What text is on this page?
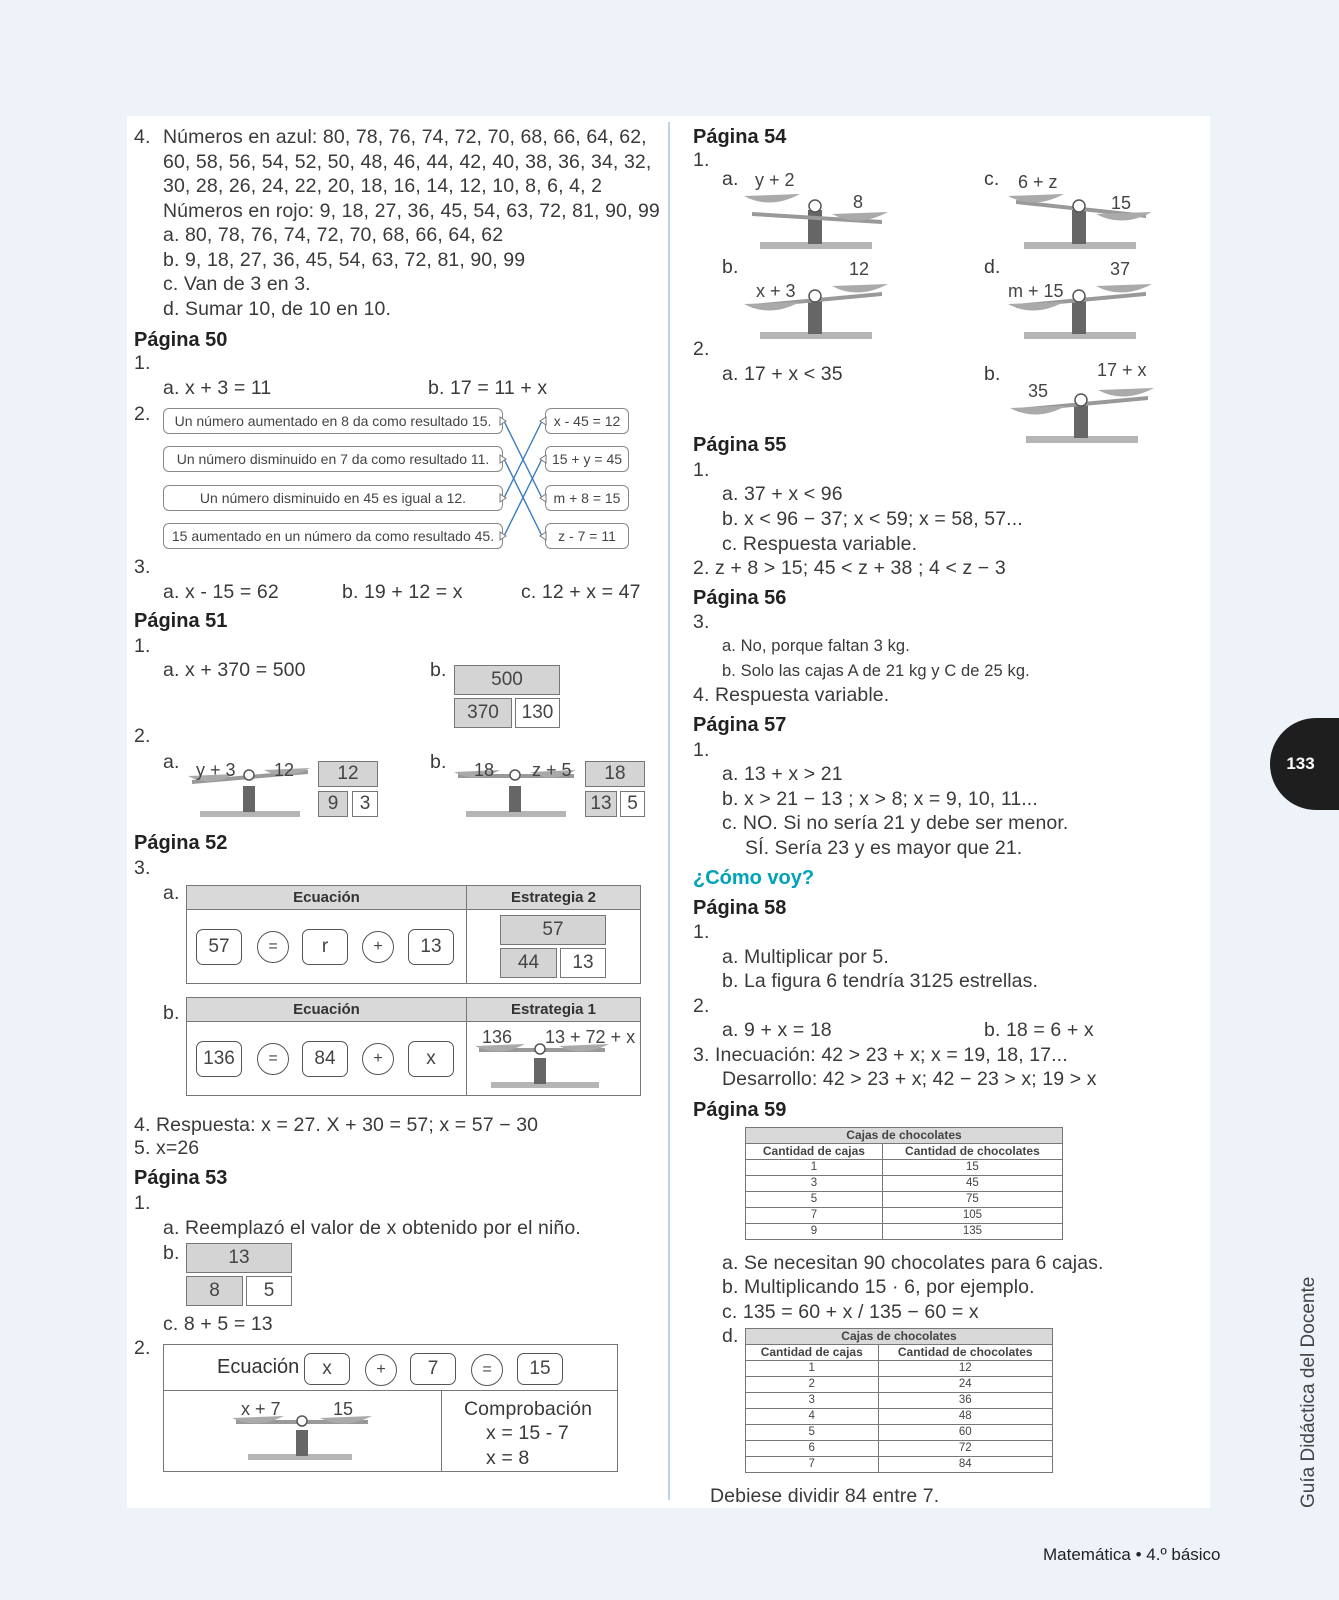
4. Números en azul: 80, 78, 76, 74, 72, 70, 68, 66, 64, 62,
60, 58, 56, 54, 52, 50, 48, 46, 44, 42, 40, 38, 36, 34, 32,
30, 28, 26, 24, 22, 20, 18, 16, 14, 12, 10, 8, 6, 4, 2
Números en rojo: 9, 18, 27, 36, 45, 54, 63, 72, 81, 90, 99
a. 80, 78, 76, 74, 72, 70, 68, 66, 64, 62
b. 9, 18, 27, 36, 45, 54, 63, 72, 81, 90, 99
c. Van de 3 en 3.
d. Sumar 10, de 10 en 10.
Página 50
1.
a. x + 3 = 11	b. 17 = 11 + x
2.	Un número aumentado en 8 da como resultado 15.
Un número disminuido en 7 da como resultado 11.
Un número disminuido en 45 es igual a 12.
15 aumentado en un número da como resultado 45.
x - 45 = 12
15 + y = 45
m + 8 = 15
z - 7 = 11
3.
a. x - 15 = 62	b. 19 + 12 = x	c. 12 + x = 47
Página 51
1.
a. x + 370 = 500	b.	500
370	130
2.
a. y + 3 12	12
9	3
b. 18 z + 5	18
13 5
Página 52
3.
a.	Ecuación	Estrategia 2
57	=	r	+	13
57
44	13
b.	Ecuación	Estrategia 1
136	=	84	+	x
136 13 + 72 + x
4. Respuesta: x = 27. X + 30 = 57; x = 57 − 30
5. x=26
Página 53
1.
a. Reemplazó el valor de x obtenido por el niño.
b.	13
8	5
c. 8 + 5 = 13
2.
Ecuación	x	+	7	=	15
x + 7	15	Comprobación
x = 15 - 7
x = 8
Página 54
1.
a. y + 2
8
c. 6 + z
15
b.
x + 3
12	d.
m + 15
37
2.
a. 17 + x < 35	b.
35
17 + x
Página 55
1.
a. 37 + x < 96
b. x < 96 − 37; x < 59; x = 58, 57...
c. Respuesta variable.
2. z + 8 > 15; 45 < z + 38 ; 4 < z − 3
Página 56
3.
a. No, porque faltan 3 kg.
b. Solo las cajas A de 21 kg y C de 25 kg.
4. Respuesta variable.
Página 57
1.
a. 13 + x > 21
b. x > 21 − 13 ; x > 8; x = 9, 10, 11...
c. NO. Si no sería 21 y debe ser menor.
SÍ. Sería 23 y es mayor que 21.
¿Cómo voy?
Página 58
1.
a. Multiplicar por 5.
b. La figura 6 tendría 3125 estrellas.
2.
a. 9 + x = 18	b. 18 = 6 + x
3. Inecuación: 42 > 23 + x; x = 19, 18, 17...
Desarrollo: 42 > 23 + x; 42 − 23 > x; 19 > x
Página 59
Cajas de chocolates	
Cantidad de cajas	Cantidad de chocolates
1	15
3	45
5	75
7	105
9	135
a. Se necesitan 90 chocolates para 6 cajas.
b. Multiplicando 15 · 6, por ejemplo.
c. 135 = 60 + x / 135 − 60 = x
d.	Cajas de chocolates	
Cantidad de cajas	Cantidad de chocolates
1	12
2	24
3	36
4	48
5	60
6	72
7	84
Debiese dividir 84 entre 7.
133
Guía Didáctica del Docente
Matemática • 4.º básico
